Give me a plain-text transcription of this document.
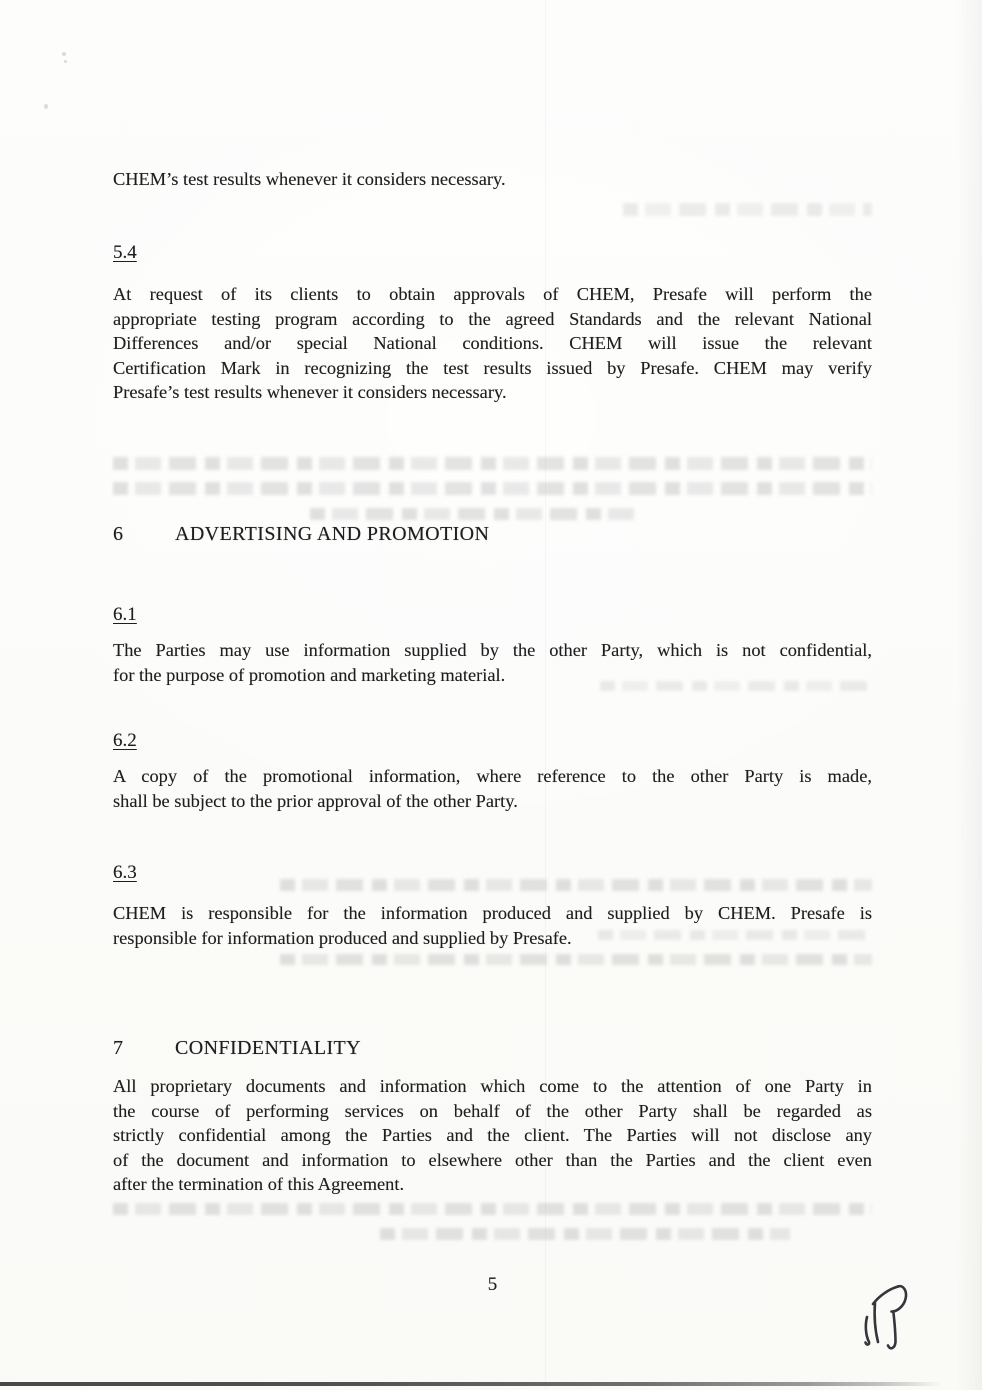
CHEM’s test results whenever it considers necessary.
5.4
At request of its clients to obtain approvals of CHEM, Presafe will perform the
appropriate testing program according to the agreed Standards and the relevant National
Differences and/or special National conditions. CHEM will issue the relevant
Certification Mark in recognizing the test results issued by Presafe. CHEM may verify
Presafe’s test results whenever it considers necessary.
6	ADVERTISING AND PROMOTION
6.1
The Parties may use information supplied by the other Party, which is not confidential,
for the purpose of promotion and marketing material.
6.2
A copy of the promotional information, where reference to the other Party is made,
shall be subject to the prior approval of the other Party.
6.3
CHEM is responsible for the information produced and supplied by CHEM. Presafe is
responsible for information produced and supplied by Presafe.
7	CONFIDENTIALITY
All proprietary documents and information which come to the attention of one Party in
the course of performing services on behalf of the other Party shall be regarded as
strictly confidential among the Parties and the client. The Parties will not disclose any
of the document and information to elsewhere other than the Parties and the client even
after the termination of this Agreement.
5
